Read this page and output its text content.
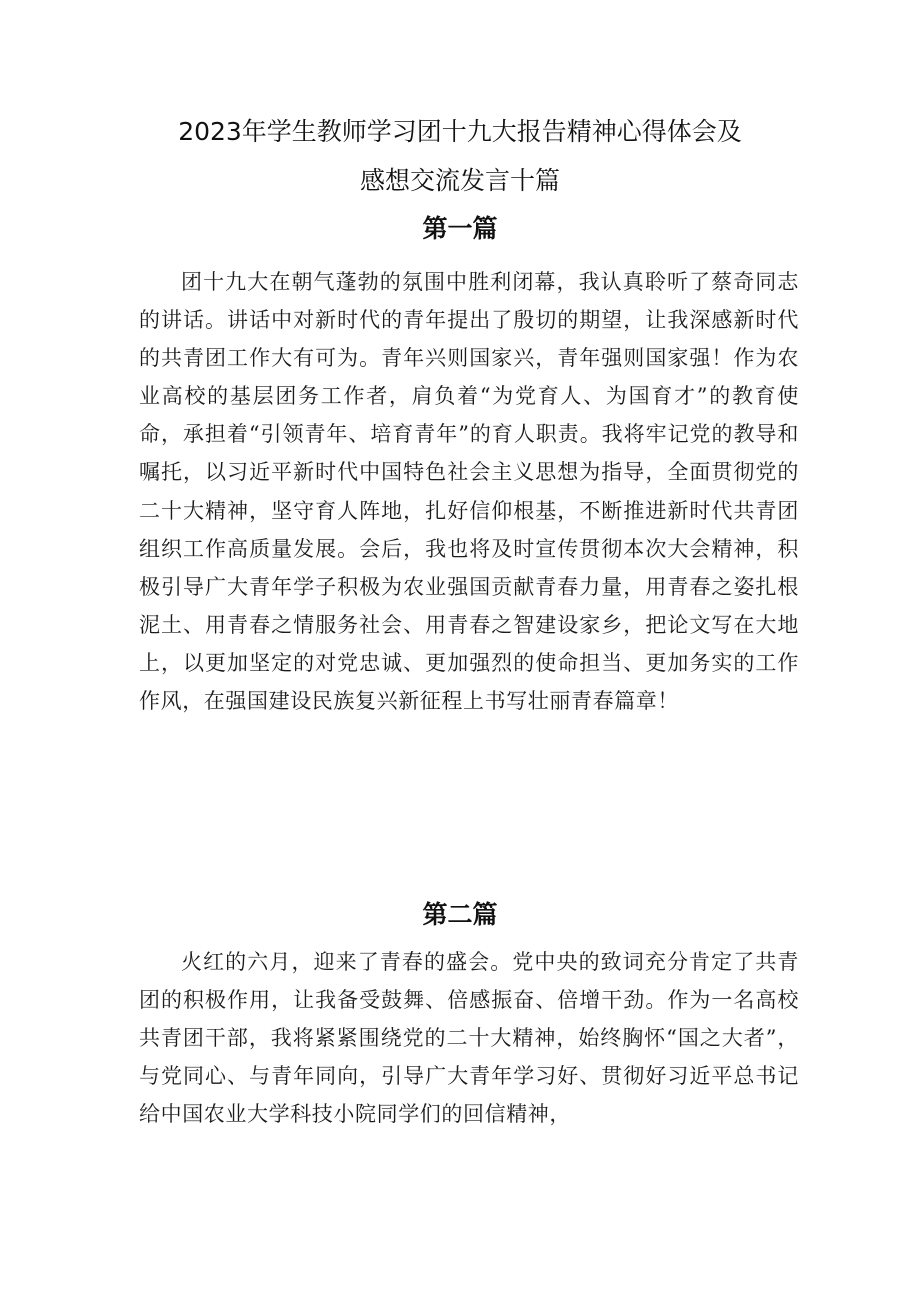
2023年学生教师学习团十九大报告精神心得体会及
感想交流发言十篇
第一篇

团十九大在朝气蓬勃的氛围中胜利闭幕，我认真聆听了蔡奇同志的讲话。讲话中对新时代的青年提出了殷切的期望，让我深感新时代的共青团工作大有可为。青年兴则国家兴，青年强则国家强！作为农业高校的基层团务工作者，肩负着“为党育人、为国育才”的教育使命，承担着“引领青年、培育青年”的育人职责。我将牢记党的教导和嘱托，以习近平新时代中国特色社会主义思想为指导，全面贯彻党的二十大精神，坚守育人阵地，扎好信仰根基，不断推进新时代共青团组织工作高质量发展。会后，我也将及时宣传贯彻本次大会精神，积极引导广大青年学子积极为农业强国贡献青春力量，用青春之姿扎根泥土、用青春之情服务社会、用青春之智建设家乡，把论文写在大地上，以更加坚定的对党忠诚、更加强烈的使命担当、更加务实的工作作风，在强国建设民族复兴新征程上书写壮丽青春篇章！

第二篇

火红的六月，迎来了青春的盛会。党中央的致词充分肯定了共青团的积极作用，让我备受鼓舞、倍感振奋、倍增干劲。作为一名高校共青团干部，我将紧紧围绕党的二十大精神，始终胸怀“国之大者”，与党同心、与青年同向，引导广大青年学习好、贯彻好习近平总书记给中国农业大学科技小院同学们的回信精神，
